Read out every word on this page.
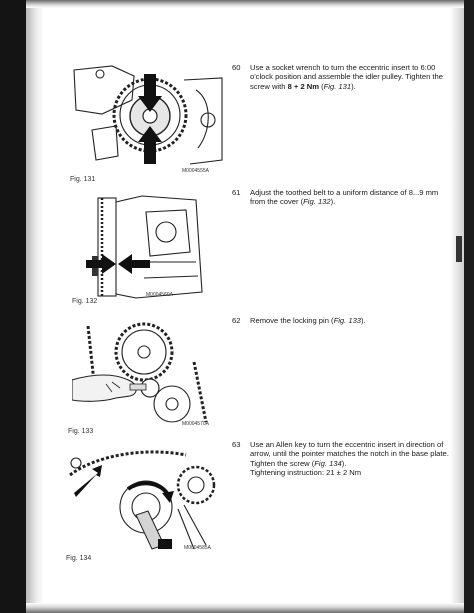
M0004555A
Fig. 131
M0004560A
Fig. 132
M0004570A
Fig. 133
M0004585A
Fig. 134
60 Use a socket wrench to turn the eccentric insert to 6:00 o'clock position and assemble the idler pulley. Tighten the screw with 8 + 2 Nm (Fig. 131).
61 Adjust the toothed belt to a uniform distance of 8...9 mm from the cover (Fig. 132).
62 Remove the locking pin (Fig. 133).
63 Use an Allen key to turn the eccentric insert in direction of arrow, until the pointer matches the notch in the base plate. Tighten the screw (Fig. 134).
Tightening instruction: 21 ± 2 Nm
